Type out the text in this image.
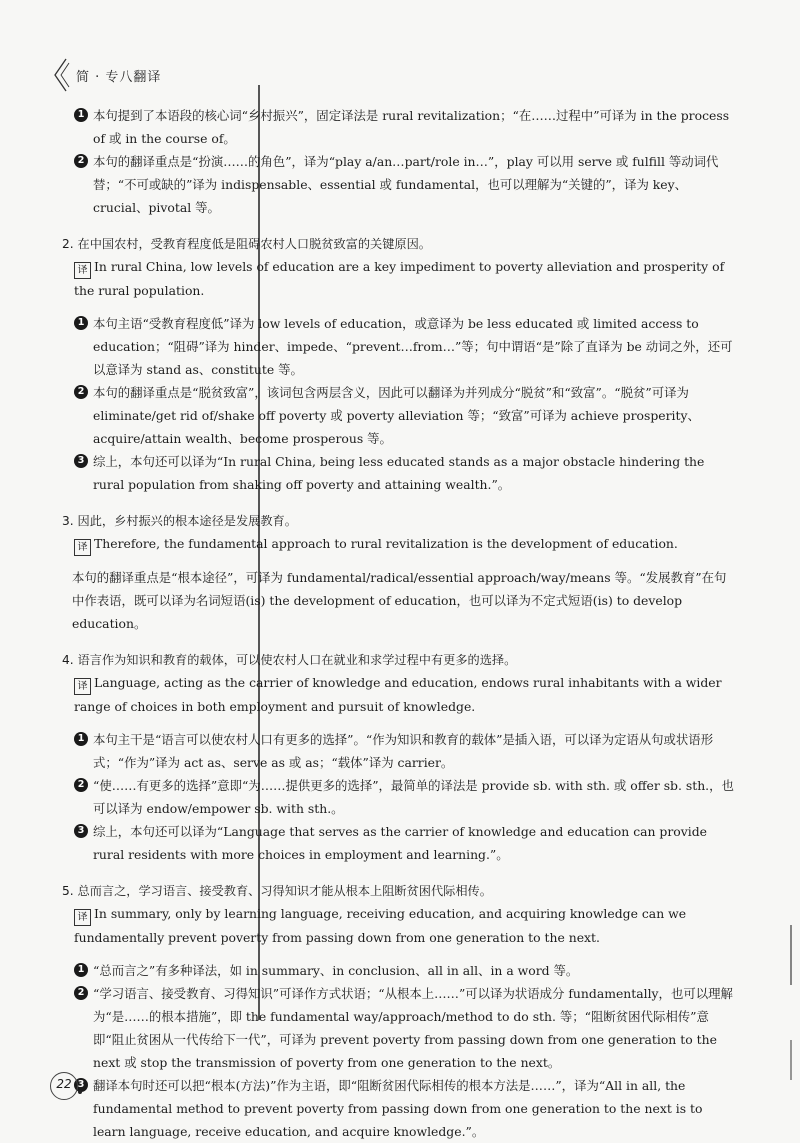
简 · 专八翻译
1 本句提到了本语段的核心词“乡村振兴”，固定译法是 rural revitalization；“在……过程中”可译为 in the process of 或 in the course of。
2 本句的翻译重点是“扮演……的角色”，译为“play a/an…part/role in…”，play 可以用 serve 或 fulfill 等动词代替；“不可或缺的”译为 indispensable、essential 或 fundamental，也可以理解为“关键的”，译为 key、crucial、pivotal 等。
2. 在中国农村，受教育程度低是阻碍农村人口脱贫致富的关键原因。
译 In rural China, low levels of education are a key impediment to poverty alleviation and prosperity of the rural population.
1 本句主语“受教育程度低”译为 low levels of education，或意译为 be less educated 或 limited access to education；“阻碍”译为 hinder、impede、“prevent…from…”等；句中谓语“是”除了直译为 be 动词之外，还可以意译为 stand as、constitute 等。
2 本句的翻译重点是“脱贫致富”，该词包含两层含义，因此可以翻译为并列成分“脱贫”和“致富”。“脱贫”可译为 eliminate/get rid of/shake off poverty 或 poverty alleviation 等；“致富”可译为 achieve prosperity、acquire/attain wealth、become prosperous 等。
3 综上，本句还可以译为“In rural China, being less educated stands as a major obstacle hindering the rural population from shaking off poverty and attaining wealth.”。
3. 因此，乡村振兴的根本途径是发展教育。
译 Therefore, the fundamental approach to rural revitalization is the development of education.
本句的翻译重点是“根本途径”，可译为 fundamental/radical/essential approach/way/means 等。“发展教育”在句中作表语，既可以译为名词短语(is) the development of education，也可以译为不定式短语(is) to develop education。
4. 语言作为知识和教育的载体，可以使农村人口在就业和求学过程中有更多的选择。
译 Language, acting as the carrier of knowledge and education, endows rural inhabitants with a wider range of choices in both employment and pursuit of knowledge.
1 本句主干是“语言可以使农村人口有更多的选择”。“作为知识和教育的载体”是插入语，可以译为定语从句或状语形式；“作为”译为 act as、serve as 或 as；“载体”译为 carrier。
2 “使……有更多的选择”意即“为……提供更多的选择”，最简单的译法是 provide sb. with sth. 或 offer sb. sth.，也可以译为 endow/empower sb. with sth.。
3 综上，本句还可以译为“Language that serves as the carrier of knowledge and education can provide rural residents with more choices in employment and learning.”。
5. 总而言之，学习语言、接受教育、习得知识才能从根本上阻断贫困代际相传。
译 In summary, only by learning language, receiving education, and acquiring knowledge can we fundamentally prevent poverty from passing down from one generation to the next.
1 “总而言之”有多种译法，如 in summary、in conclusion、all in all、in a word 等。
2 “学习语言、接受教育、习得知识”可译作方式状语；“从根本上……”可以译为状语成分 fundamentally，也可以理解为“是……的根本措施”，即 the fundamental way/approach/method to do sth. 等；“阻断贫困代际相传”意即“阻止贫困从一代传给下一代”，可译为 prevent poverty from passing down from one generation to the next 或 stop the transmission of poverty from one generation to the next。
3 翻译本句时还可以把“根本(方法)”作为主语，即“阻断贫困代际相传的根本方法是……”，译为“All in all, the fundamental method to prevent poverty from passing down from one generation to the next is to learn language, receive education, and acquire knowledge.”。
22
